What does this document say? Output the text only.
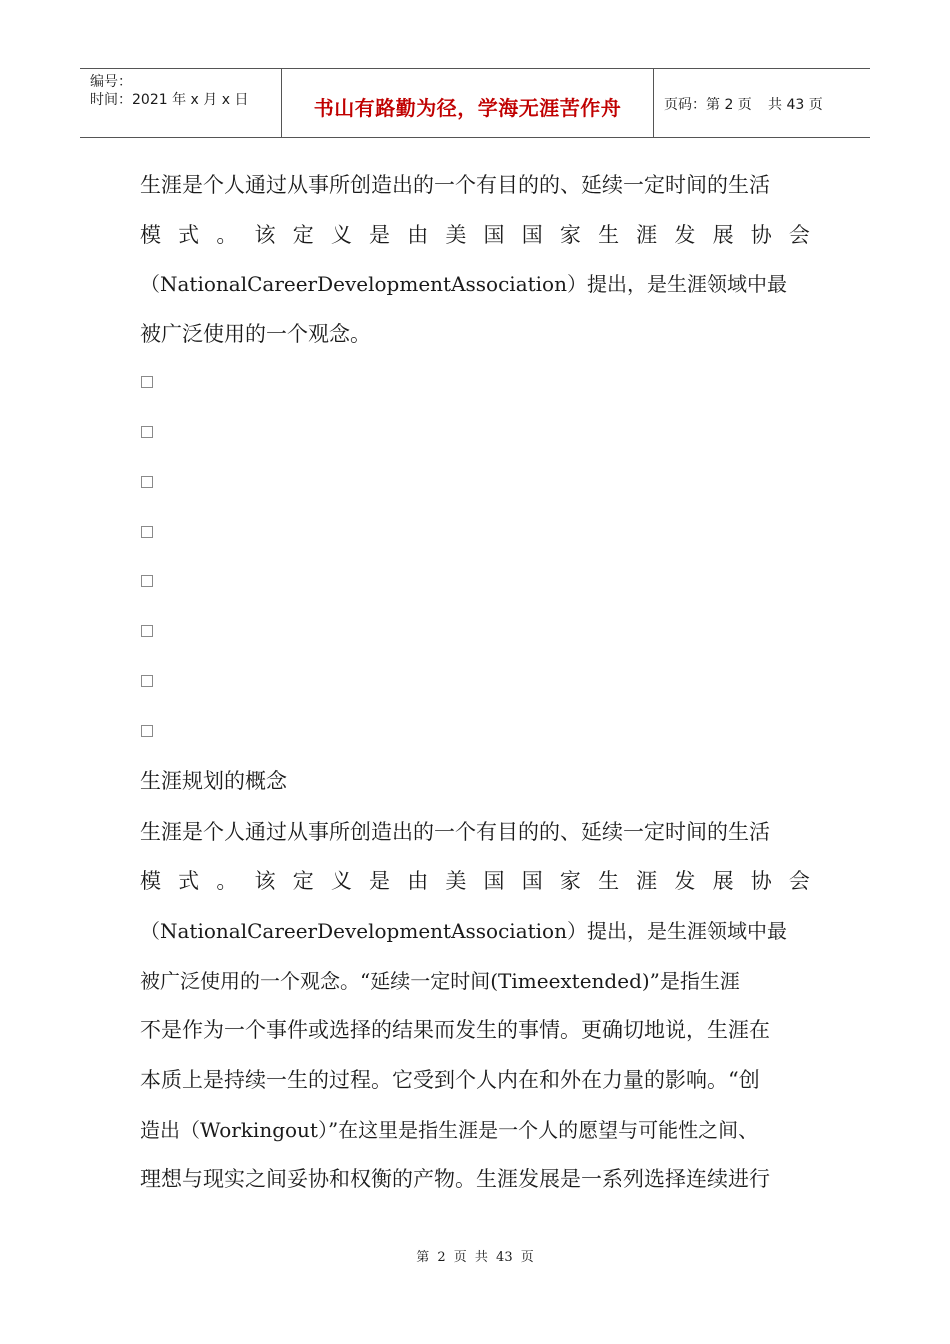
编号：
时间：2021 年 x 月 x 日	书山有路勤为径，学海无涯苦作舟	页码：第 2 页 共 43 页
生涯是个人通过从事所创造出的一个有目的的、延续一定时间的生活
模 式 。 该 定 义 是 由 美 国 国 家 生 涯 发 展 协 会
（NationalCareerDevelopmentAssociation）提出，是生涯领域中最
被广泛使用的一个观念。
生涯规划的概念
生涯是个人通过从事所创造出的一个有目的的、延续一定时间的生活
模 式 。 该 定 义 是 由 美 国 国 家 生 涯 发 展 协 会
（NationalCareerDevelopmentAssociation）提出，是生涯领域中最
被广泛使用的一个观念。“延续一定时间(Timeextended)”是指生涯
不是作为一个事件或选择的结果而发生的事情。更确切地说，生涯在
本质上是持续一生的过程。它受到个人内在和外在力量的影响。“创
造出（Workingout）”在这里是指生涯是一个人的愿望与可能性之间、
理想与现实之间妥协和权衡的产物。生涯发展是一系列选择连续进行
第 2 页 共 43 页
